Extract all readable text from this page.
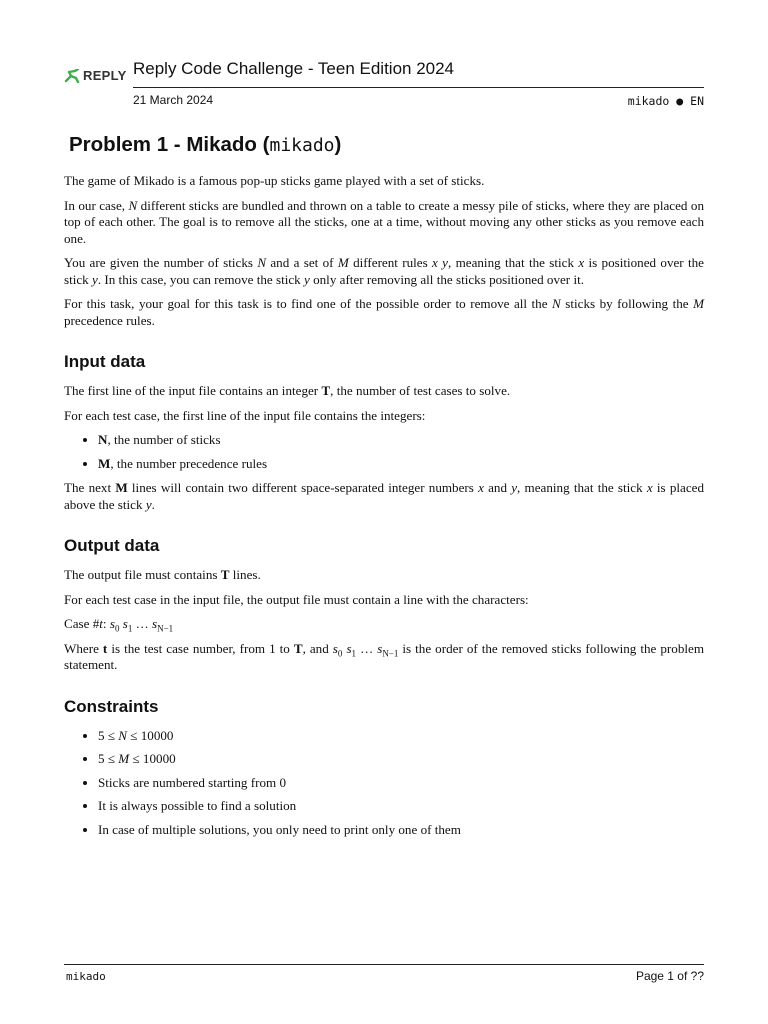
REPLY Reply Code Challenge - Teen Edition 2024
21 March 2024	mikado ● EN
Problem 1 - Mikado (mikado)

The game of Mikado is a famous pop-up sticks game played with a set of sticks.

In our case, N different sticks are bundled and thrown on a table to create a messy pile of sticks, where they are placed on top of each other. The goal is to remove all the sticks, one at a time, without moving any other sticks as you remove each one.

You are given the number of sticks N and a set of M different rules x y, meaning that the stick x is positioned over the stick y. In this case, you can remove the stick y only after removing all the sticks positioned over it.

For this task, your goal for this task is to find one of the possible order to remove all the N sticks by following the M precedence rules.

Input data

The first line of the input file contains an integer T, the number of test cases to solve.

For each test case, the first line of the input file contains the integers:

• N, the number of sticks
• M, the number precedence rules

The next M lines will contain two different space-separated integer numbers x and y, meaning that the stick x is placed above the stick y.

Output data

The output file must contains T lines.

For each test case in the input file, the output file must contain a line with the characters:

Case #t: $s_0$ $s_1$ … $s_{N-1}$

Where t is the test case number, from 1 to T, and $s_0$ $s_1$ … $s_{N-1}$ is the order of the removed sticks following the problem statement.

Constraints
• 5 ≤ N ≤ 10000
• 5 ≤ M ≤ 10000
• Sticks are numbered starting from 0
• It is always possible to find a solution
• In case of multiple solutions, you only need to print only one of them
mikado	Page 1 of ??
